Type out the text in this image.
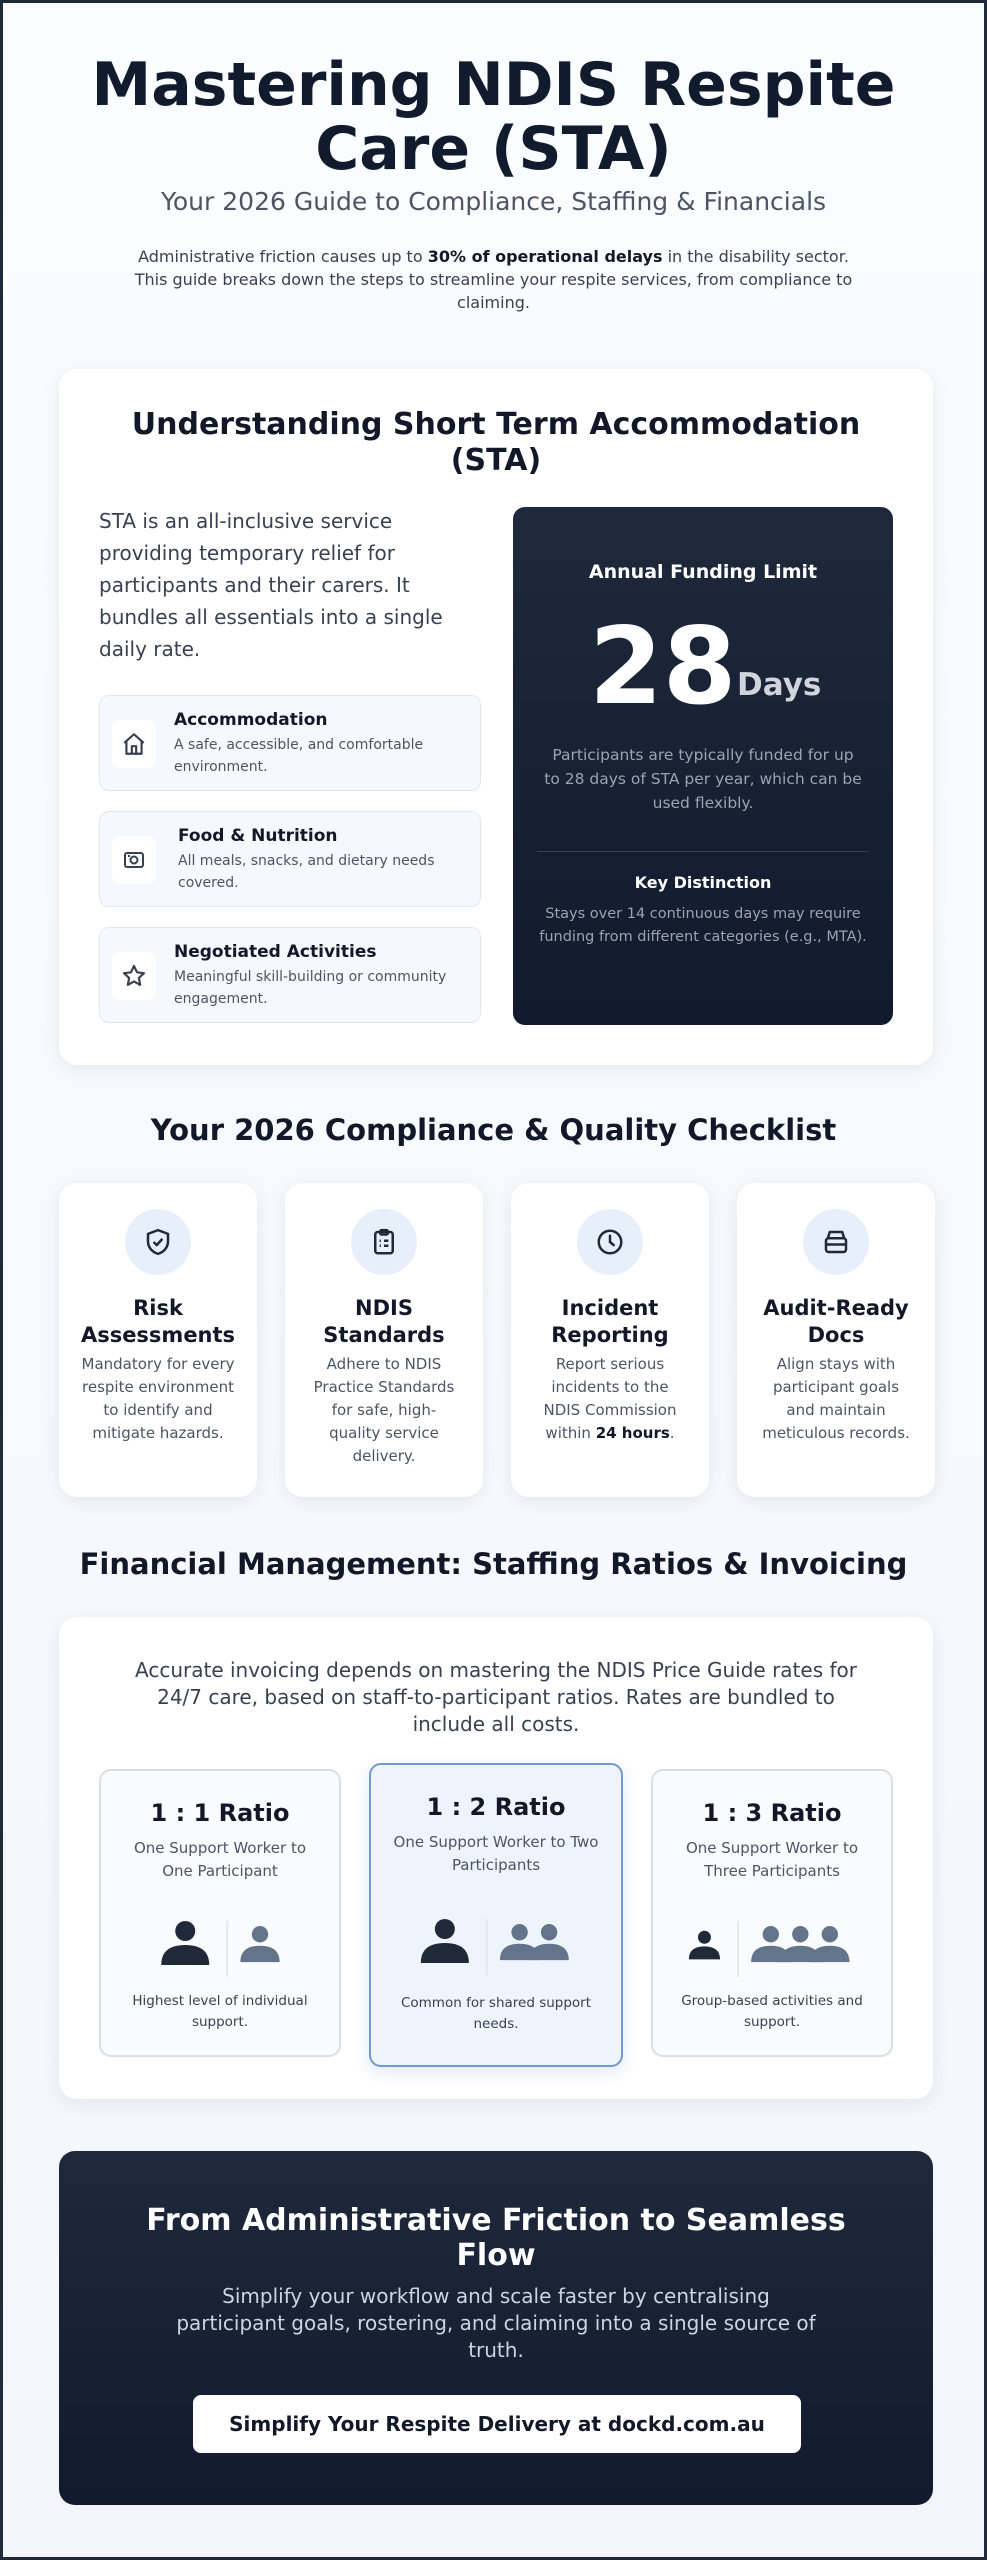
Mastering NDIS Respite Care (STA)
Your 2026 Guide to Compliance, Staffing & Financials

Administrative friction causes up to 30% of operational delays in the disability sector. This guide breaks down the steps to streamline your respite services, from compliance to claiming.

Understanding Short Term Accommodation (STA)

STA is an all-inclusive service providing temporary relief for participants and their carers. It bundles all essentials into a single daily rate.

Accommodation
A safe, accessible, and comfortable environment.
Food & Nutrition
All meals, snacks, and dietary needs covered.
Negotiated Activities
Meaningful skill-building or community engagement.
Annual Funding Limit
28 Days
Participants are typically funded for up to 28 days of STA per year, which can be used flexibly.
Key Distinction
Stays over 14 continuous days may require funding from different categories (e.g., MTA).
Your 2026 Compliance & Quality Checklist
Risk Assessments
Mandatory for every respite environment to identify and mitigate hazards.
NDIS Standards
Adhere to NDIS Practice Standards for safe, high-quality service delivery.
Incident Reporting
Report serious incidents to the NDIS Commission within 24 hours.
Audit-Ready Docs
Align stays with participant goals and maintain meticulous records.
Financial Management: Staffing Ratios & Invoicing

Accurate invoicing depends on mastering the NDIS Price Guide rates for 24/7 care, based on staff-to-participant ratios. Rates are bundled to include all costs.

1 : 1 Ratio
One Support Worker to One Participant
Highest level of individual support.
1 : 2 Ratio
One Support Worker to Two Participants
Common for shared support needs.
1 : 3 Ratio
One Support Worker to Three Participants
Group-based activities and support.
From Administrative Friction to Seamless Flow

Simplify your workflow and scale faster by centralising participant goals, rostering, and claiming into a single source of truth.

Simplify Your Respite Delivery at dockd.com.au
